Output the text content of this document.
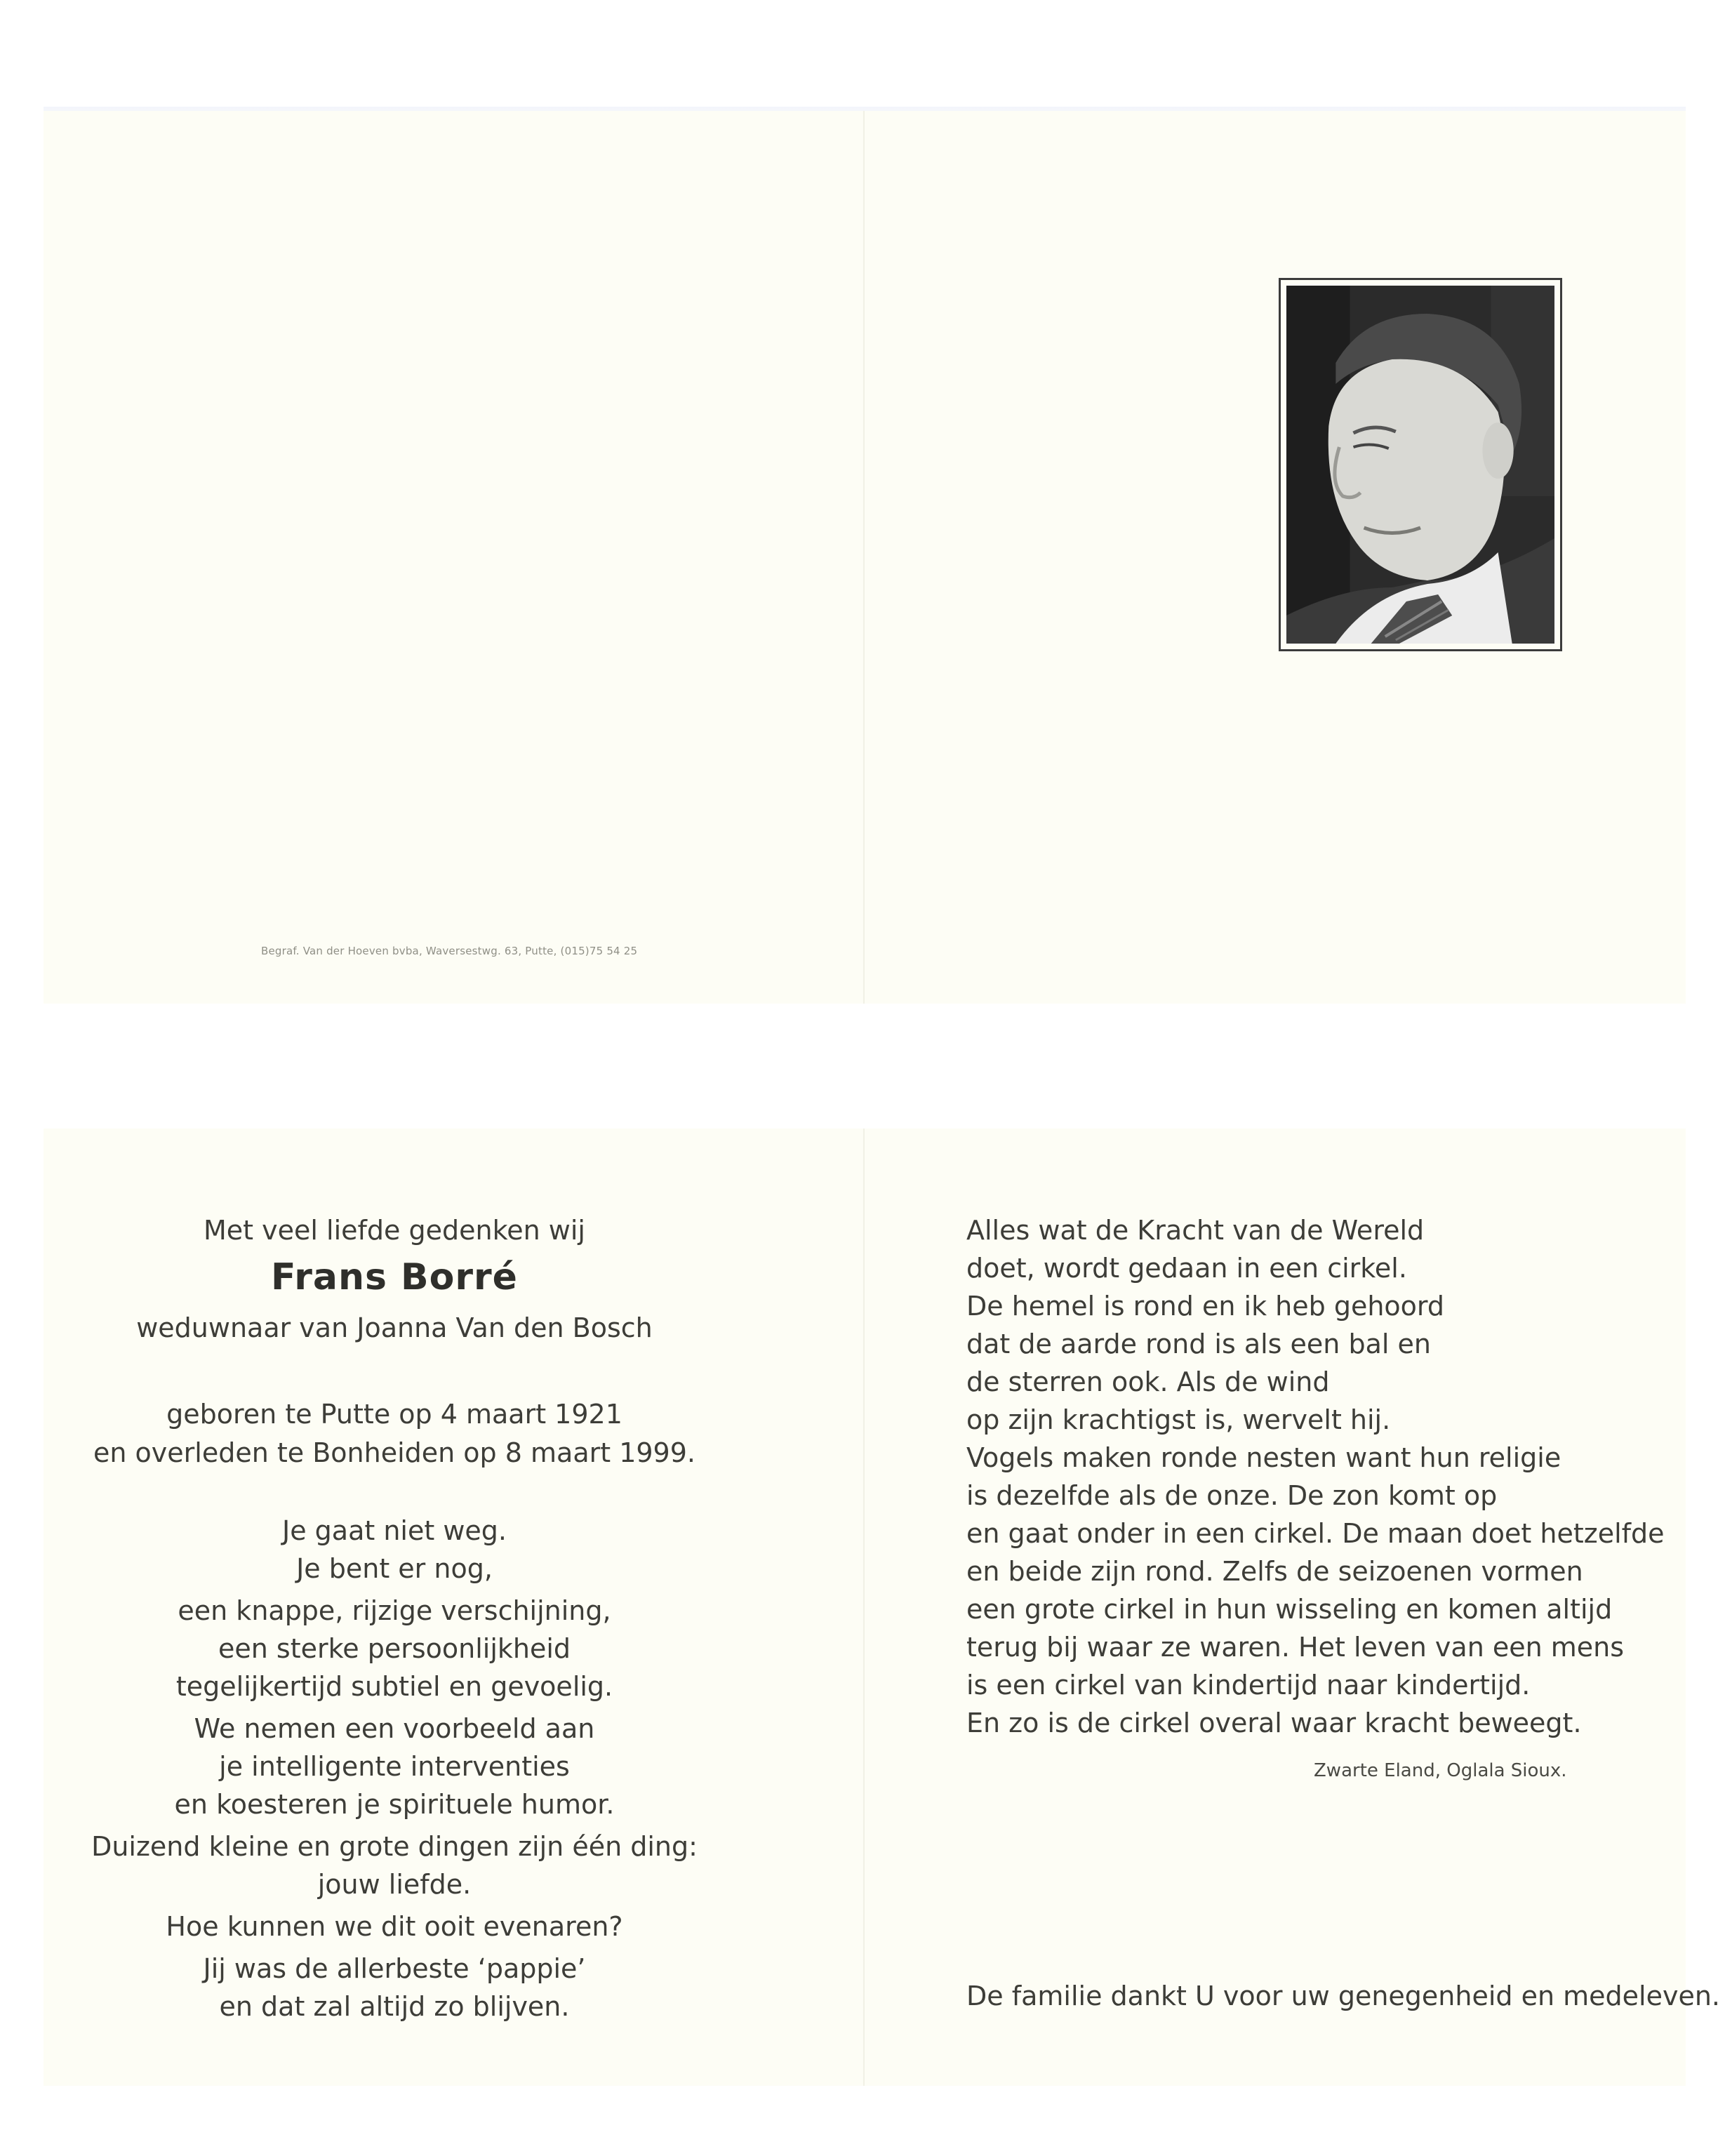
Begraf. Van der Hoeven bvba, Waversestwg. 63, Putte, (015)75 54 25
Met veel liefde gedenken wij
Frans Borré
weduwnaar van Joanna Van den Bosch
geboren te Putte op 4 maart 1921
en overleden te Bonheiden op 8 maart 1999.
Je gaat niet weg.
Je bent er nog,
een knappe, rijzige verschijning,
een sterke persoonlijkheid
tegelijkertijd subtiel en gevoelig.
We nemen een voorbeeld aan
je intelligente interventies
en koesteren je spirituele humor.
Duizend kleine en grote dingen zijn één ding:
jouw liefde.
Hoe kunnen we dit ooit evenaren?
Jij was de allerbeste ‘pappie’
en dat zal altijd zo blijven.
Alles wat de Kracht van de Wereld
doet, wordt gedaan in een cirkel.
De hemel is rond en ik heb gehoord
dat de aarde rond is als een bal en
de sterren ook. Als de wind
op zijn krachtigst is, wervelt hij.
Vogels maken ronde nesten want hun religie
is dezelfde als de onze. De zon komt op
en gaat onder in een cirkel. De maan doet hetzelfde
en beide zijn rond. Zelfs de seizoenen vormen
een grote cirkel in hun wisseling en komen altijd
terug bij waar ze waren. Het leven van een mens
is een cirkel van kindertijd naar kindertijd.
En zo is de cirkel overal waar kracht beweegt.
Zwarte Eland, Oglala Sioux.
De familie dankt U voor uw genegenheid en medeleven.
